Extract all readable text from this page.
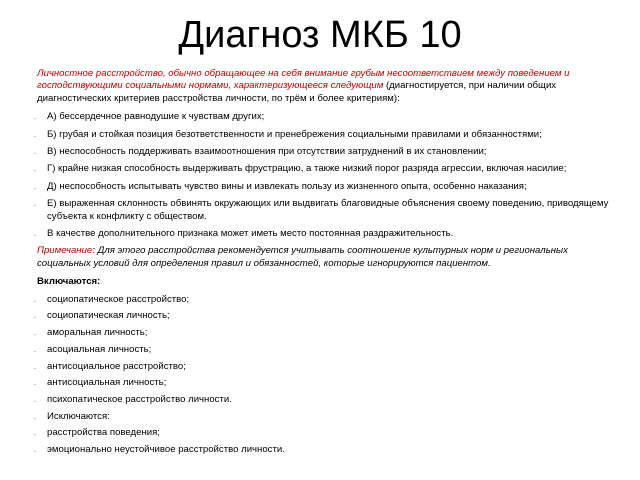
Диагноз МКБ 10

Личностное расстройство, обычно обращающее на себя внимание грубым несоответствием между поведением и господствующими социальными нормами, характеризующееся следующим (диагностируется, при наличии общих диагностических критериев расстройства личности, по трём и более критериям):

. А) бессердечное равнодушие к чувствам других;
. Б) грубая и стойкая позиция безответственности и пренебрежения социальными правилами и обязанностями;
. В) неспособность поддерживать взаимоотношения при отсутствии затруднений в их становлении;
. Г) крайне низкая способность выдерживать фрустрацию, а также низкий порог разряда агрессии, включая насилие;
. Д) неспособность испытывать чувство вины и извлекать пользу из жизненного опыта, особенно наказания;
. Е) выраженная склонность обвинять окружающих или выдвигать благовидные объяснения своему поведению, приводящему субъекта к конфликту с обществом.
. В качестве дополнительного признака может иметь место постоянная раздражительность.

Примечание: Для этого расстройства рекомендуется учитывать соотношение культурных норм и региональных социальных условий для определения правил и обязанностей, которые игнорируются пациентом.

Включаются:
. социопатическое расстройство;
. социопатическая личность;
. аморальная личность;
. асоциальная личность;
. антисоциальное расстройство;
. антисоциальная личность;
. психопатическое расстройство личности.
. Исключаются:
. расстройства поведения;
. эмоционально неустойчивое расстройство личности.
